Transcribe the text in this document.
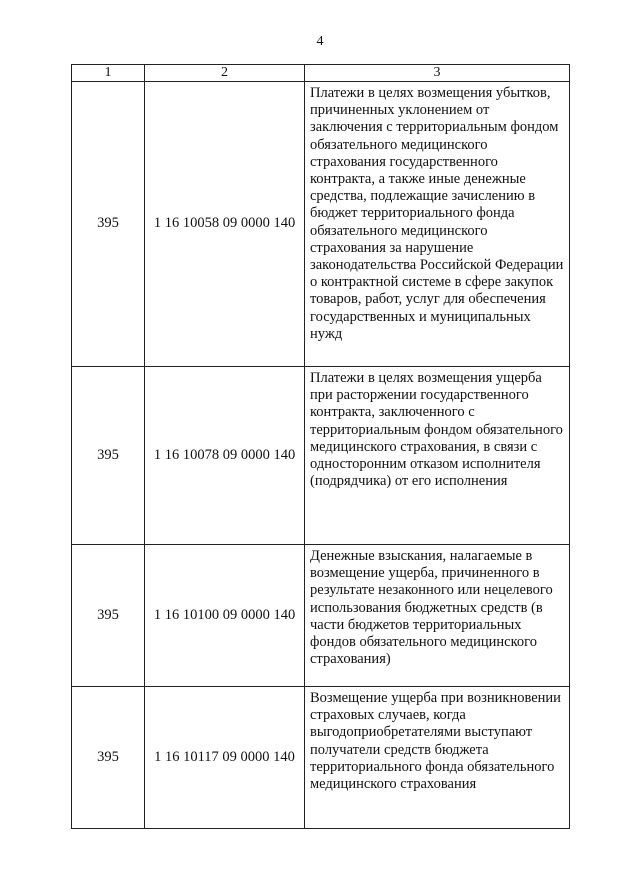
4
1	2	3
395	1 16 10058 09 0000 140	Платежи в целях возмещения убытков, причиненных уклонением от заключения с территориальным фондом обязательного медицинского страхования государственного контракта, а также иные денежные средства, подлежащие зачислению в бюджет территориального фонда обязательного медицинского страхования за нарушение законодательства Российской Федерации о контрактной системе в сфере закупок товаров, работ, услуг для обеспечения государственных и муниципальных нужд
395	1 16 10078 09 0000 140	Платежи в целях возмещения ущерба при расторжении государственного контракта, заключенного с территориальным фондом обязательного медицинского страхования, в связи с односторонним отказом исполнителя (подрядчика) от его исполнения
395	1 16 10100 09 0000 140	Денежные взыскания, налагаемые в возмещение ущерба, причиненного в результате незаконного или нецелевого использования бюджетных средств (в части бюджетов территориальных фондов обязательного медицинского страхования)
395	1 16 10117 09 0000 140	Возмещение ущерба при возникновении страховых случаев, когда выгодоприобретателями выступают получатели средств бюджета территориального фонда обязательного медицинского страхования
